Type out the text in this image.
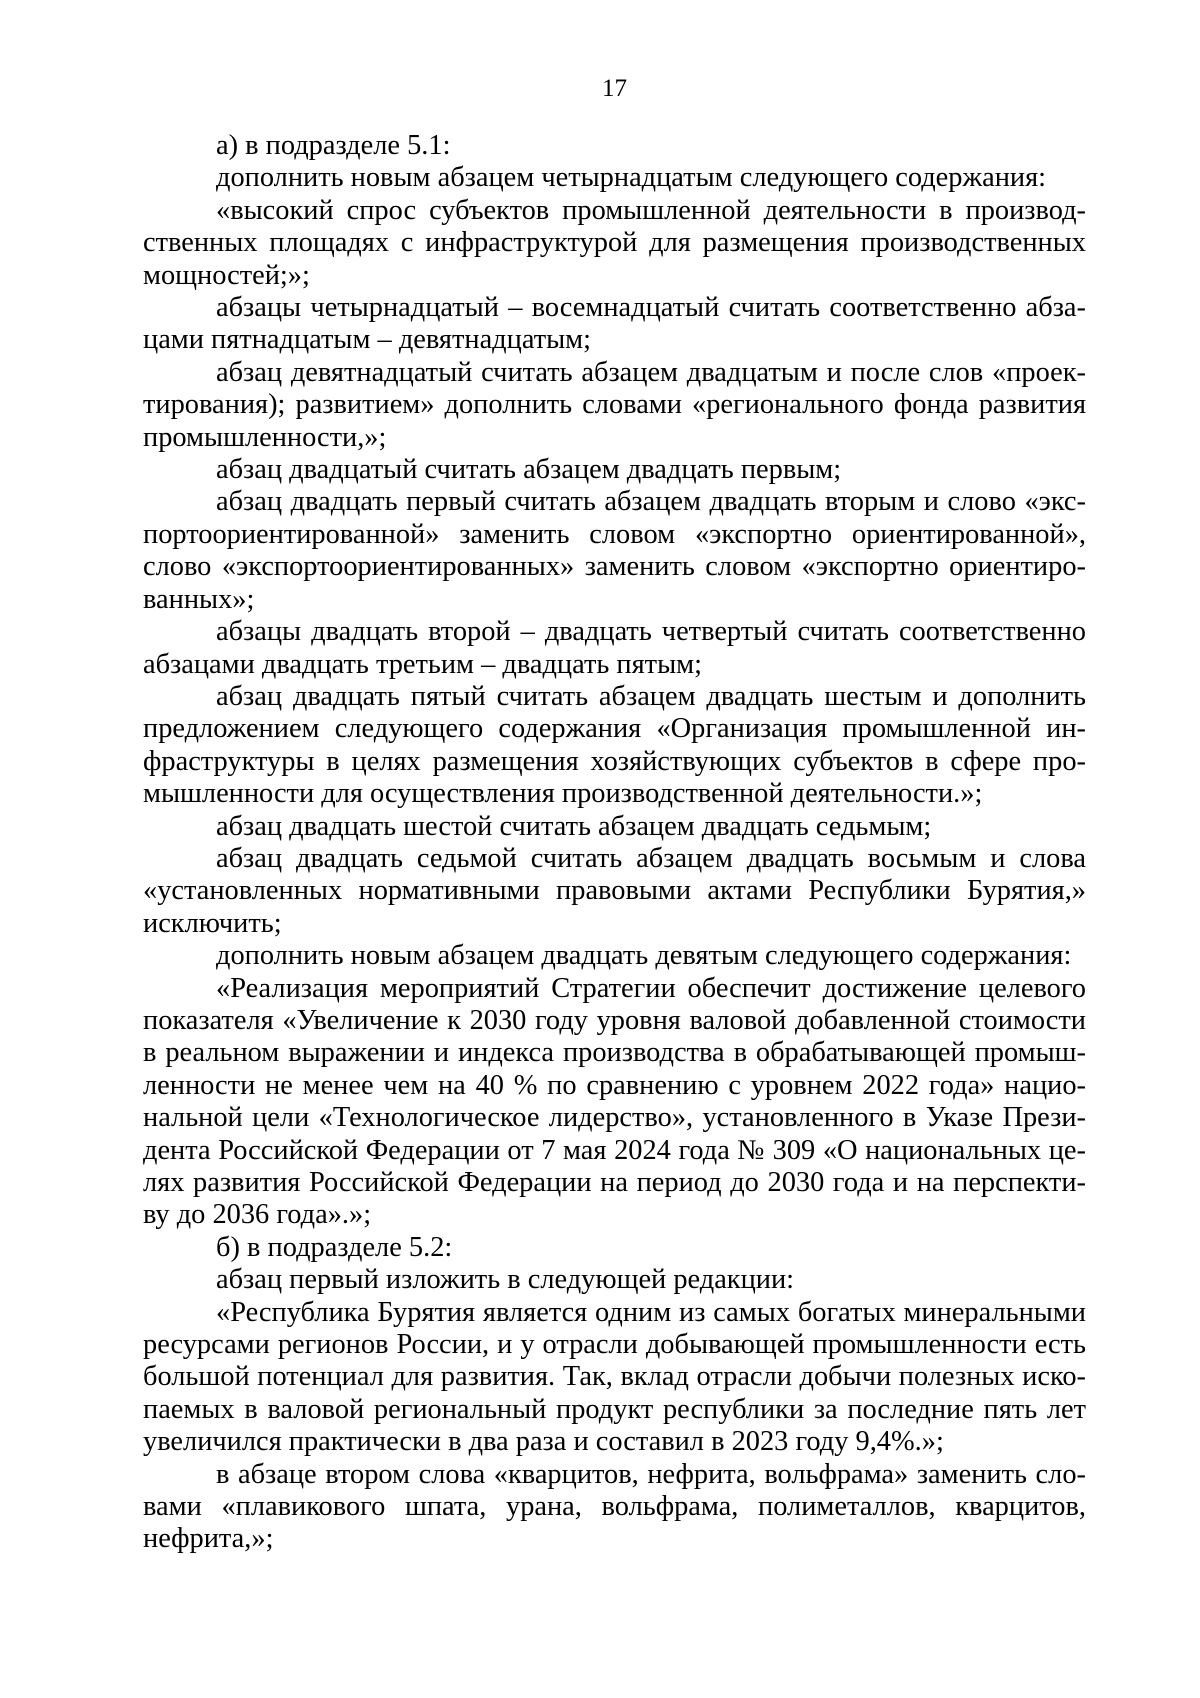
17

а) в подразделе 5.1:

дополнить новым абзацем четырнадцатым следующего содержания:

«высокий спрос субъектов промышленной деятельности в производственных площадях с инфраструктурой для размещения производственных мощностей;»;

абзацы четырнадцатый – восемнадцатый считать соответственно абзацами пятнадцатым – девятнадцатым;

абзац девятнадцатый считать абзацем двадцатым и после слов «проектирования); развитием» дополнить словами «регионального фонда развития промышленности,»;

абзац двадцатый считать абзацем двадцать первым;

абзац двадцать первый считать абзацем двадцать вторым и слово «экспортоориентированной» заменить словом «экспортно ориентированной», слово «экспортоориентированных» заменить словом «экспортно ориентированных»;

абзацы двадцать второй – двадцать четвертый считать соответственно абзацами двадцать третьим – двадцать пятым;

абзац двадцать пятый считать абзацем двадцать шестым и дополнить предложением следующего содержания «Организация промышленной инфраструктуры в целях размещения хозяйствующих субъектов в сфере промышленности для осуществления производственной деятельности.»;

абзац двадцать шестой считать абзацем двадцать седьмым;

абзац двадцать седьмой считать абзацем двадцать восьмым и слова «установленных нормативными правовыми актами Республики Бурятия,» исключить;

дополнить новым абзацем двадцать девятым следующего содержания:

«Реализация мероприятий Стратегии обеспечит достижение целевого показателя «Увеличение к 2030 году уровня валовой добавленной стоимости в реальном выражении и индекса производства в обрабатывающей промышленности не менее чем на 40 % по сравнению с уровнем 2022 года» национальной цели «Технологическое лидерство», установленного в Указе Президента Российской Федерации от 7 мая 2024 года № 309 «О национальных целях развития Российской Федерации на период до 2030 года и на перспективу до 2036 года».»;

б) в подразделе 5.2:

абзац первый изложить в следующей редакции:

«Республика Бурятия является одним из самых богатых минеральными ресурсами регионов России, и у отрасли добывающей промышленности есть большой потенциал для развития. Так, вклад отрасли добычи полезных ископаемых в валовой региональный продукт республики за последние пять лет увеличился практически в два раза и составил в 2023 году 9,4%.»;

в абзаце втором слова «кварцитов, нефрита, вольфрама» заменить словами «плавикового шпата, урана, вольфрама, полиметаллов, кварцитов, нефрита,»;
